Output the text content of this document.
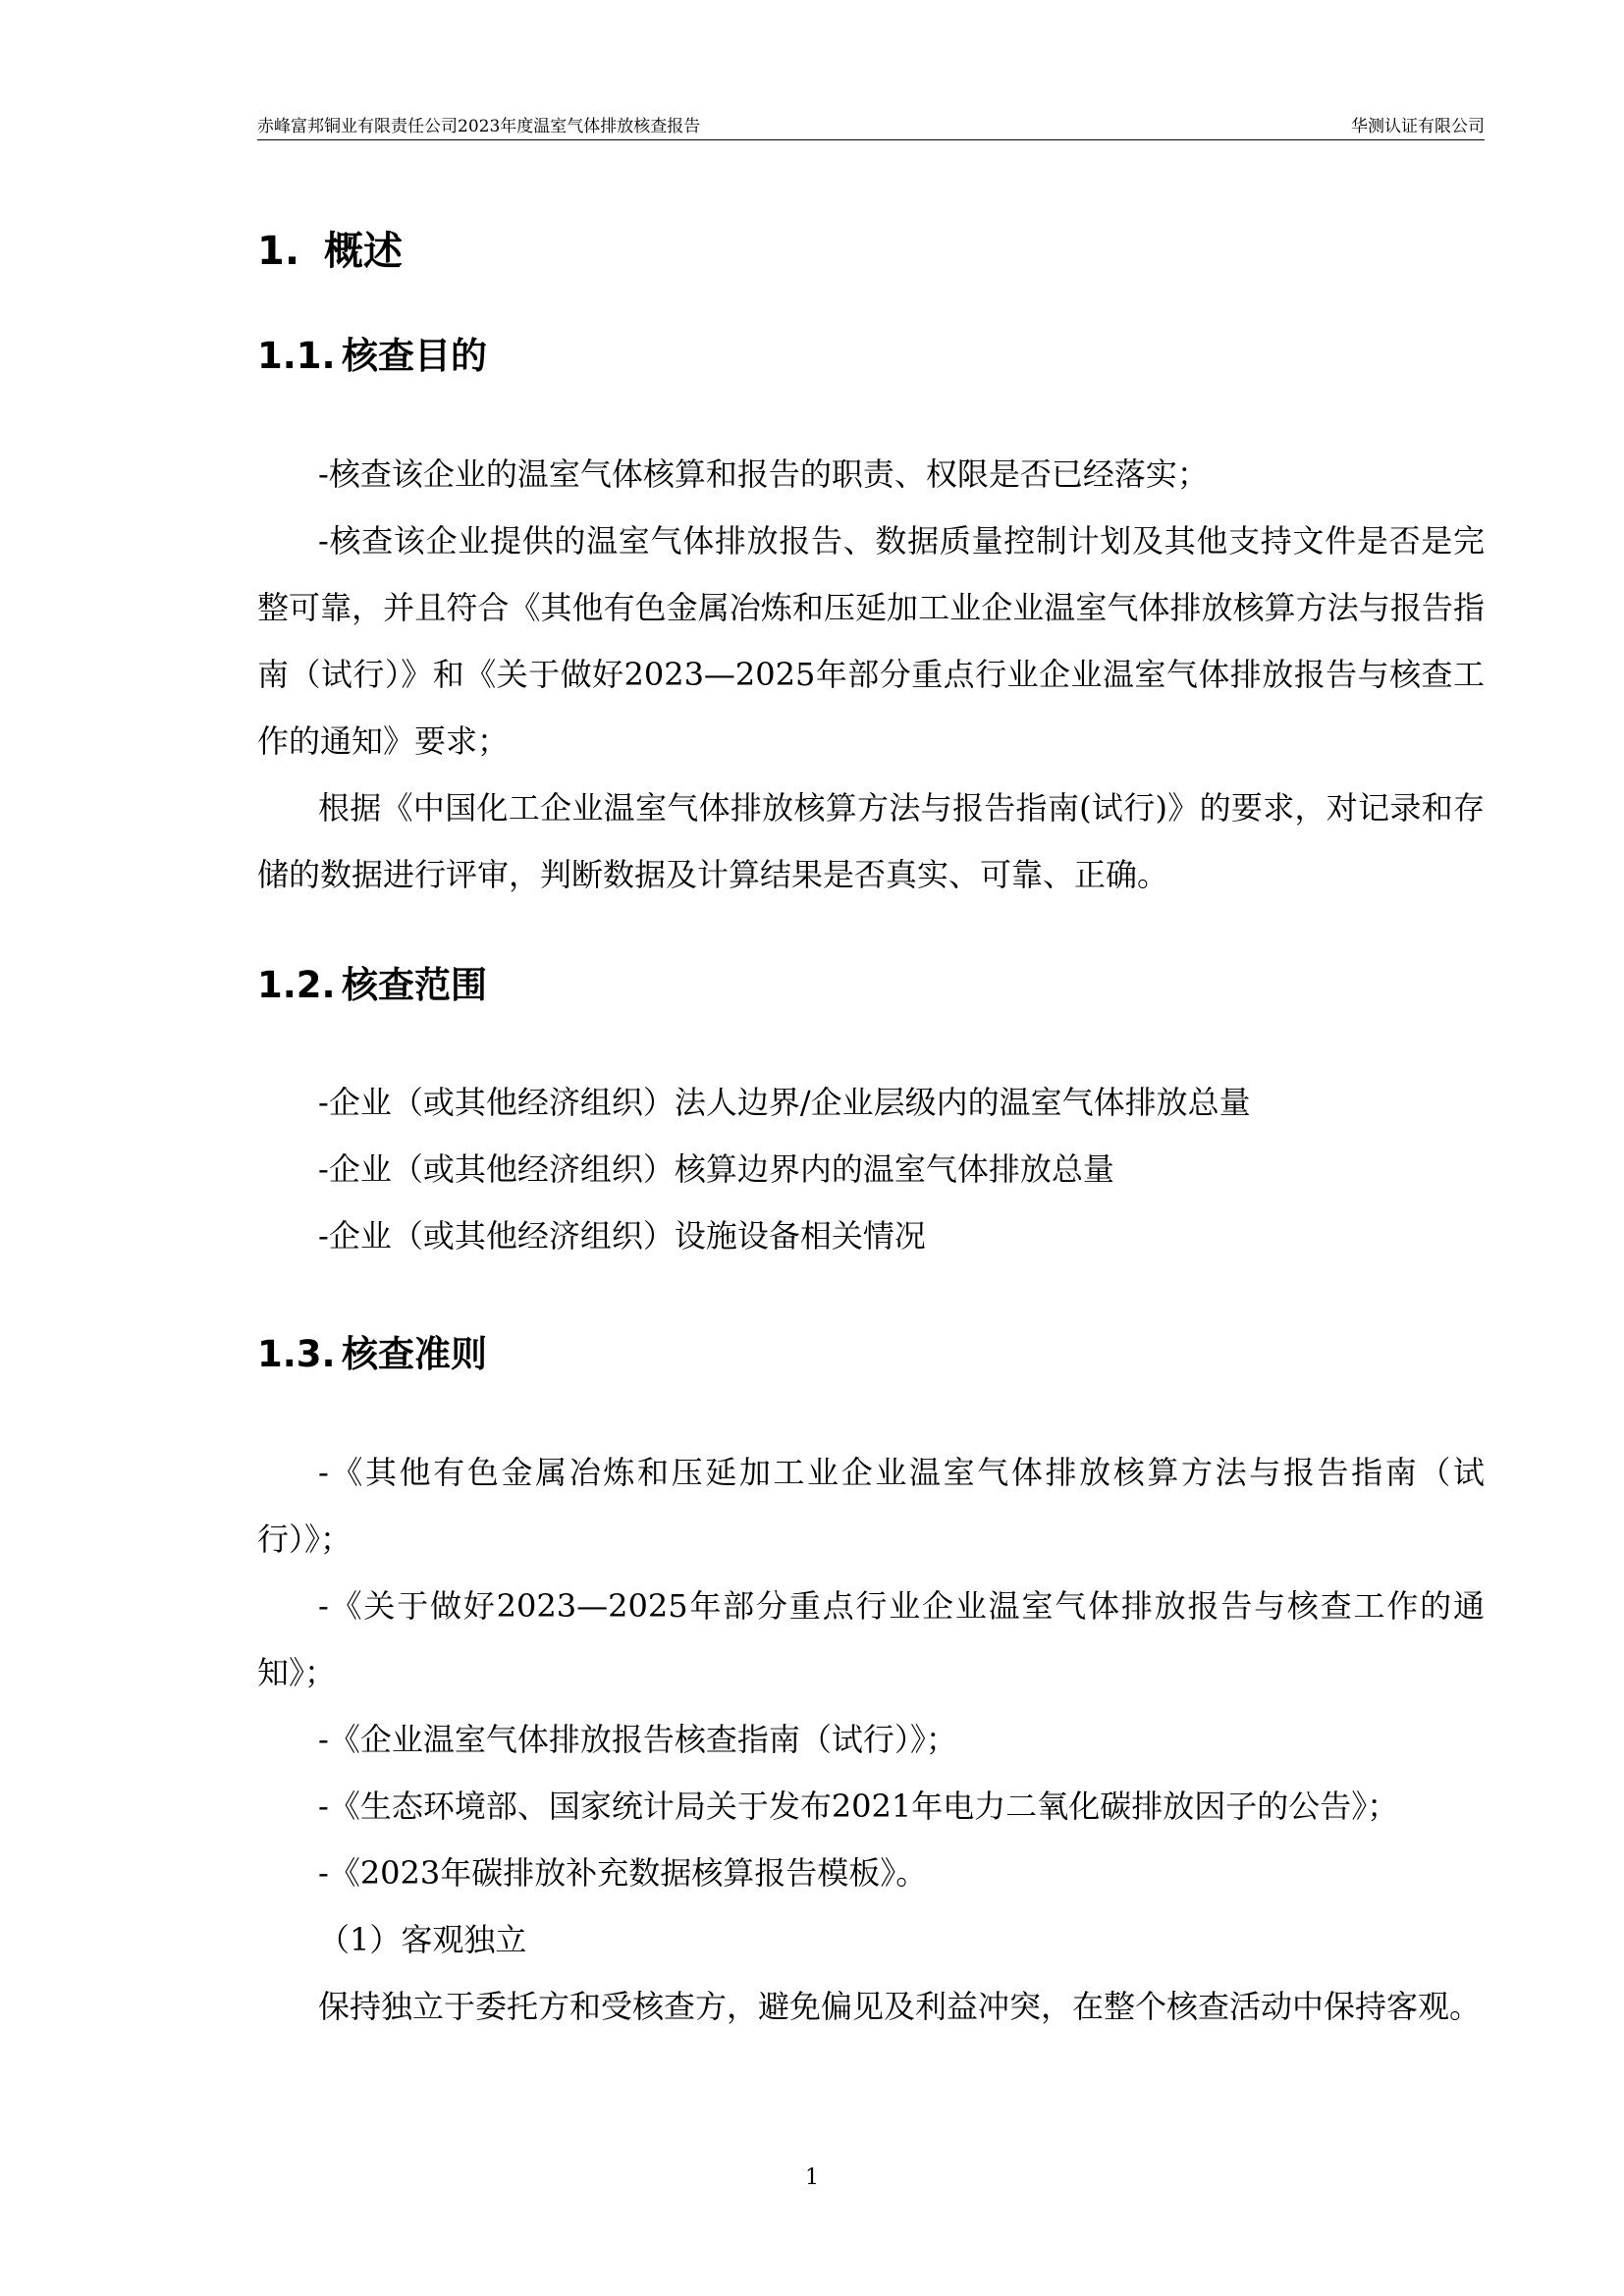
赤峰富邦铜业有限责任公司2023年度温室气体排放核查报告	华测认证有限公司
1. 概述
1.1. 核查目的
-核查该企业的温室气体核算和报告的职责、权限是否已经落实；
-核查该企业提供的温室气体排放报告、数据质量控制计划及其他支持文件是否是完整可靠，并且符合《其他有色金属冶炼和压延加工业企业温室气体排放核算方法与报告指南（试行）》和《关于做好2023—2025年部分重点行业企业温室气体排放报告与核查工作的通知》要求；
根据《中国化工企业温室气体排放核算方法与报告指南(试行)》的要求，对记录和存储的数据进行评审，判断数据及计算结果是否真实、可靠、正确。
1.2. 核查范围
-企业（或其他经济组织）法人边界/企业层级内的温室气体排放总量
-企业（或其他经济组织）核算边界内的温室气体排放总量
-企业（或其他经济组织）设施设备相关情况
1.3. 核查准则
-《其他有色金属冶炼和压延加工业企业温室气体排放核算方法与报告指南（试行）》；
-《关于做好2023—2025年部分重点行业企业温室气体排放报告与核查工作的通知》；
-《企业温室气体排放报告核查指南（试行）》；
-《生态环境部、国家统计局关于发布2021年电力二氧化碳排放因子的公告》；
-《2023年碳排放补充数据核算报告模板》。
（1）客观独立
保持独立于委托方和受核查方，避免偏见及利益冲突，在整个核查活动中保持客观。
1
